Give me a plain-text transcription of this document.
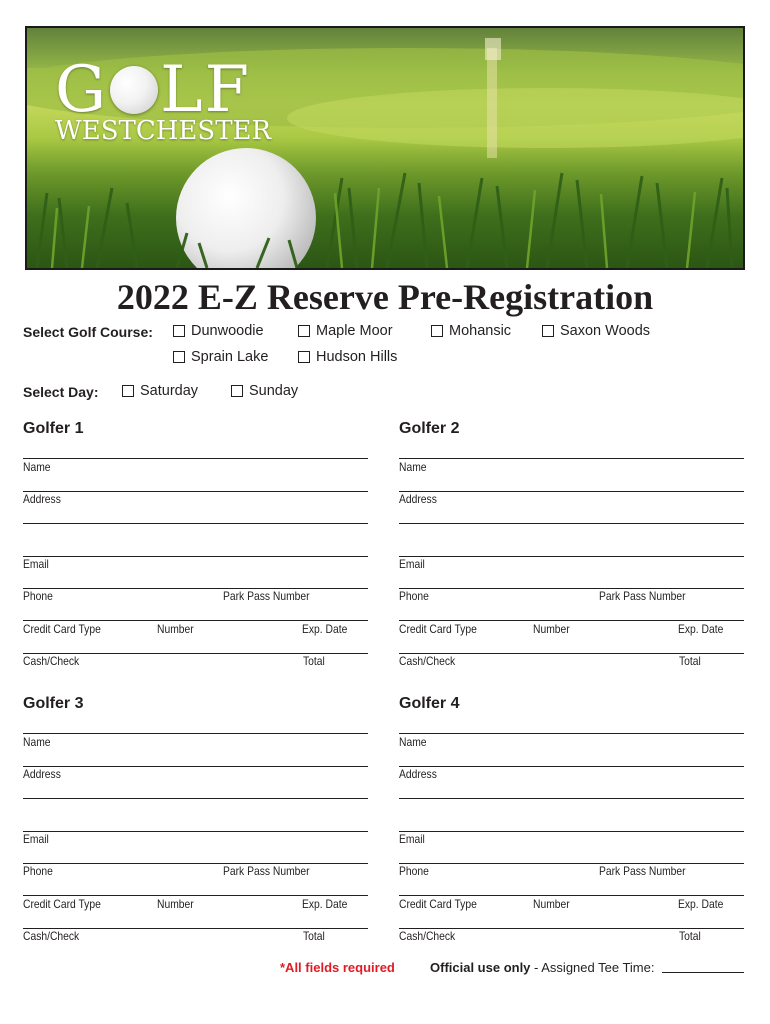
G LF
WESTCHESTER
2022 E-Z Reserve Pre-Registration
Select Golf Course:	Dunwoodie	Maple Moor	Mohansic	Saxon Woods
Sprain Lake	Hudson Hills
Select Day:	Saturday	Sunday
Golfer 1
Name
Address
Email
Phone	Park Pass Number
Credit Card Type	Number	Exp. Date
Cash/Check	Total
Golfer 2
Name
Address
Email
Phone	Park Pass Number
Credit Card Type	Number	Exp. Date
Cash/Check	Total
Golfer 3
Name
Address
Email
Phone	Park Pass Number
Credit Card Type	Number	Exp. Date
Cash/Check	Total
Golfer 4
Name
Address
Email
Phone	Park Pass Number
Credit Card Type	Number	Exp. Date
Cash/Check	Total
*All fields required	Official use only - Assigned Tee Time:
